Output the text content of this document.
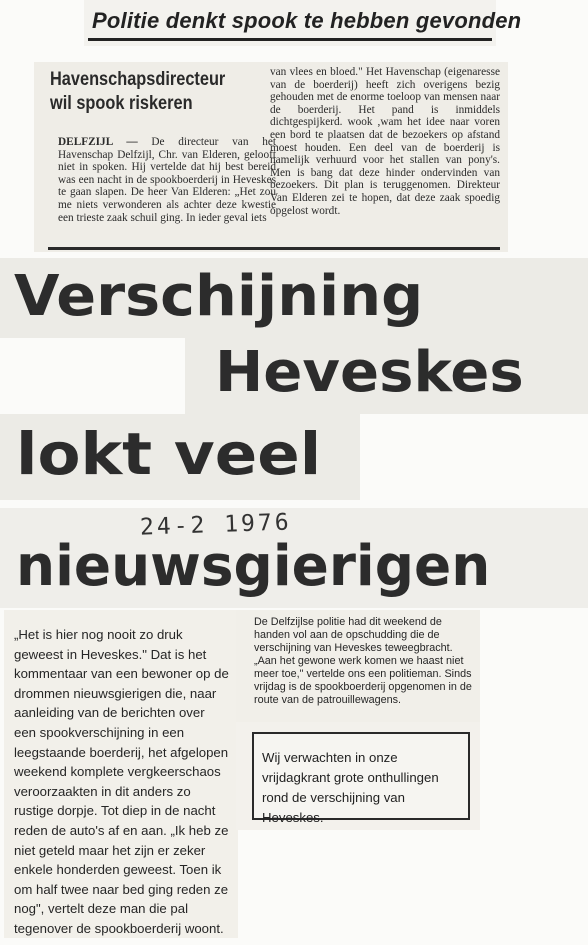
Politie denkt spook te hebben gevonden
Havenschapsdirecteur
wil spook riskeren
DELFZIJL — De directeur van het Havenschap Delfzijl, Chr. van Elderen, gelooft niet in spoken. Hij vertelde dat hij best bereid was een nacht in de spookboerderij in Heveskes te gaan slapen. De heer Van Elderen: „Het zou me niets verwonderen als achter deze kwestie een trieste zaak schuil ging. In ieder geval iets
van vlees en bloed." Het Havenschap (eigenaresse van de boerderij) heeft zich overigens bezig gehouden met de enorme toeloop van mensen naar de boerderij. Het pand is inmiddels dichtgespijkerd. wook ,wam het idee naar voren een bord te plaatsen dat de bezoekers op afstand moest houden. Een deel van de boerderij is namelijk verhuurd voor het stallen van pony's. Men is bang dat deze hinder ondervinden van bezoekers. Dit plan is teruggenomen. Direkteur Van Elderen zei te hopen, dat deze zaak spoedig opgelost wordt.
Verschijning
Heveskes
lokt veel
nieuwsgierigen
24-2 1976
„Het is hier nog nooit zo druk geweest in Heveskes." Dat is het kommentaar van een bewoner op de drommen nieuwsgierigen die, naar aanleiding van de berichten over een spookverschijning in een leegstaande boerderij, het afgelopen weekend komplete vergkeerschaos veroorzaakten in dit anders zo rustige dorpje. Tot diep in de nacht reden de auto's af en aan. „Ik heb ze niet geteld maar het zijn er zeker enkele honderden geweest. Toen ik om half twee naar bed ging reden ze nog", vertelt deze man die pal tegenover de spookboerderij woont.
De Delfzijlse politie had dit weekend de handen vol aan de opschudding die de verschijning van Heveskes teweegbracht. „Aan het gewone werk komen we haast niet meer toe," vertelde ons een politieman. Sinds vrijdag is de spookboerderij opgenomen in de route van de patrouillewagens.
Wij verwachten in onze vrijdagkrant grote onthullingen rond de verschijning van Heveskes.
